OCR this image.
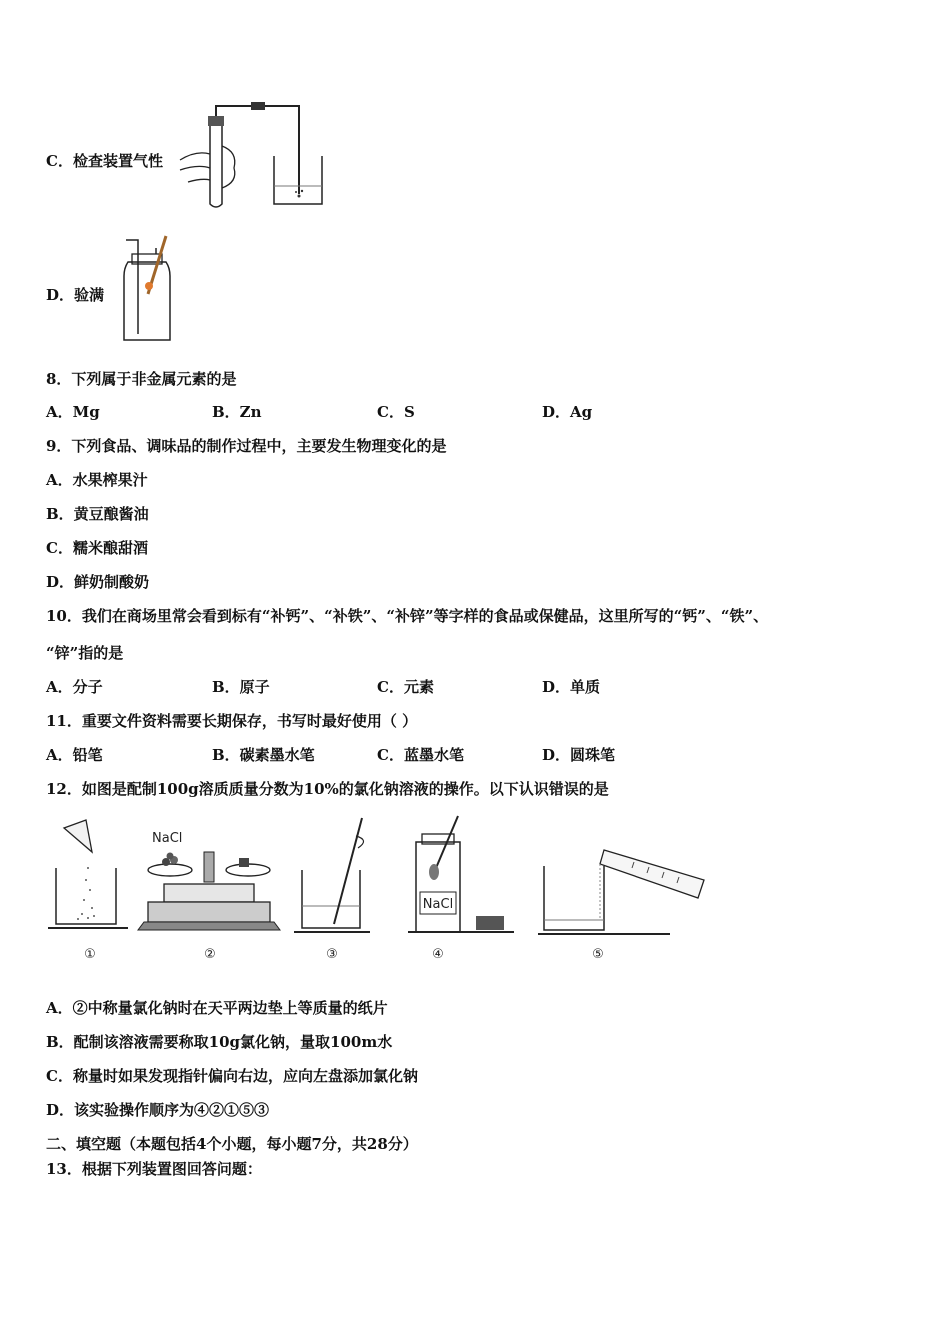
C．检查装置气性
D．验满
8．下列属于非金属元素的是
A．Mg	B．Zn	C．S	D．Ag
9．下列食品、调味品的制作过程中，主要发生物理变化的是
A．水果榨果汁
B．黄豆酿酱油
C．糯米酿甜酒
D．鲜奶制酸奶
10．我们在商场里常会看到标有“补钙”、“补铁”、“补锌”等字样的食品或保健品，这里所写的“钙”、“铁”、
“锌”指的是
A．分子	B．原子	C．元素	D．单质
11．重要文件资料需要长期保存，书写时最好使用（ ）
A．铅笔	B．碳素墨水笔	C．蓝墨水笔	D．圆珠笔
12．如图是配制100g溶质质量分数为10%的氯化钠溶液的操作。以下认识错误的是
①
NaCl
②	③
NaCl
④	⑤
A．②中称量氯化钠时在天平两边垫上等质量的纸片
B．配制该溶液需要称取10g氯化钠，量取100m水
C．称量时如果发现指针偏向右边，应向左盘添加氯化钠
D．该实验操作顺序为④②①⑤③
二、填空题（本题包括4个小题，每小题7分，共28分）
13．根据下列装置图回答问题：
